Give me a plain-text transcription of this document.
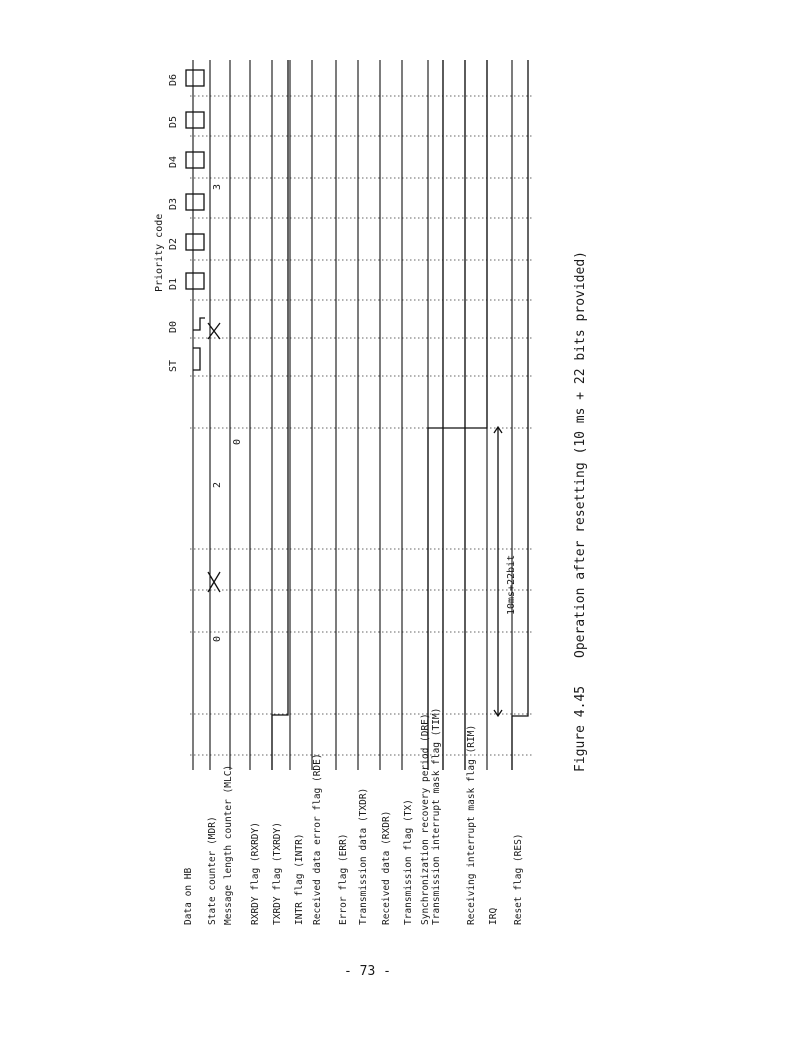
Data on HB State counter (MDR) Message length counter (MLC) RXRDY flag (RXRDY) TXRDY flag (TXRDY) INTR flag (INTR) Received data error flag (RDE) Error flag (ERR) Transmission data (TXDR) Received data (RXDR) Transmission flag (TX) Synchronization recovery period (DRE) Transmission interrupt mask flag (TIM)	Receiving interrupt mask flag (RIM) IRQ Reset flag (RES)
Priority code
ST
D0
D1
D2
D3
D4
D5
D6
0
2
3
0
10ms+22bit
Figure 4.45
Operation after resetting (10 ms + 22 bits provided)
- 73 -
